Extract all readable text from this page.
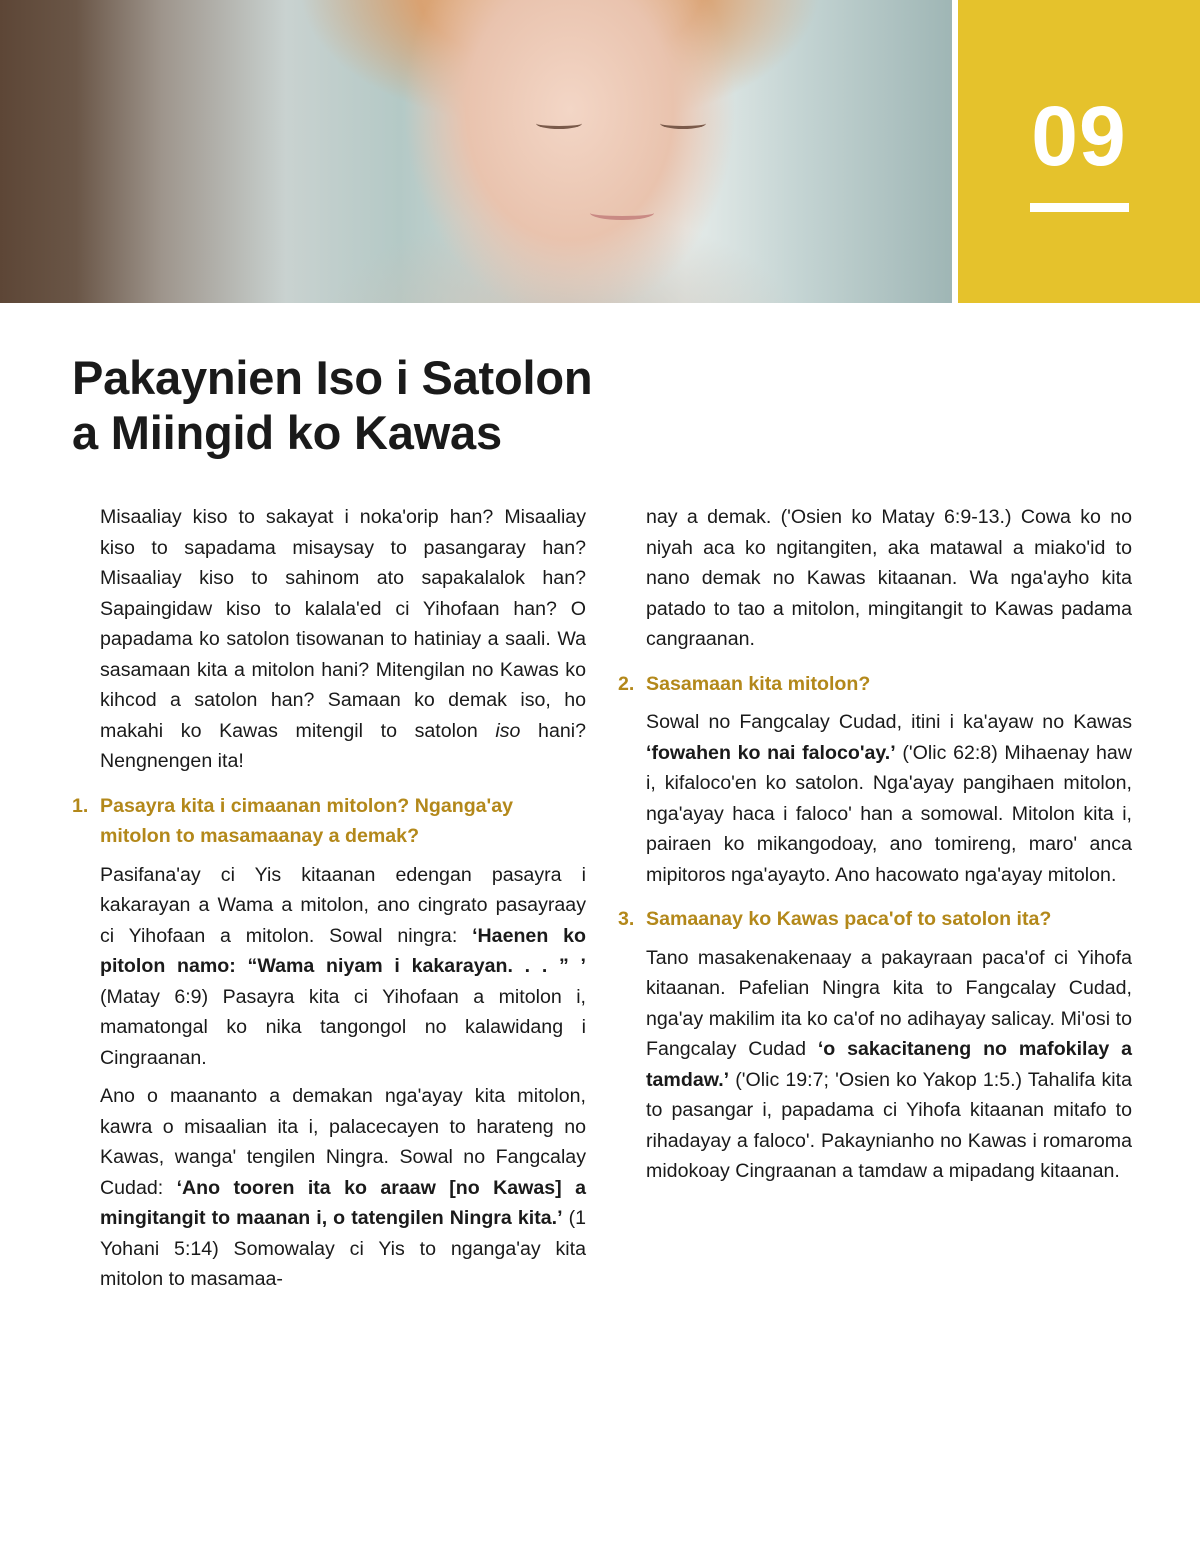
09
Pakaynien Iso i Satolon
a Miingid ko Kawas

Misaaliay kiso to sakayat i noka'orip han? Misaaliay kiso to sapadama misaysay to pasangaray han? Misaaliay kiso to sahinom ato sapakalalok han? Sapaingidaw kiso to kalala'ed ci Yihofaan han? O papadama ko satolon tisowanan to hatiniay a saali. Wa sasamaan kita a mitolon hani? Mitengilan no Kawas ko kihcod a satolon han? Samaan ko demak iso, ho makahi ko Kawas mitengil to satolon iso hani? Nengnengen ita!

1. Pasayra kita i cimaanan mitolon? Nganga'ay
mitolon to masamaanay a demak?

Pasifana'ay ci Yis kitaanan edengan pasayra i kakarayan a Wama a mitolon, ano cingrato pasayraay ci Yihofaan a mitolon. Sowal ningra: ‘Haenen ko pitolon namo: “Wama niyam i kakarayan. . . ” ’ (Matay 6:9) Pasayra kita ci Yihofaan a mitolon i, mamatongal ko nika tangongol no kalawidang i Cingraanan.

Ano o maananto a demakan nga'ayay kita mitolon, kawra o misaalian ita i, palacecayen to harateng no Kawas, wanga' tengilen Ningra. Sowal no Fangcalay Cudad: ‘Ano tooren ita ko araaw [no Kawas] a mingitangit to maanan i, o tatengilen Ningra kita.’ (1 Yohani 5:14) Somowalay ci Yis to nganga'ay kita mitolon to masamaa-

nay a demak. ('Osien ko Matay 6:9-13.) Cowa ko no niyah aca ko ngitangiten, aka matawal a miako'id to nano demak no Kawas kitaanan. Wa nga'ayho kita patado to tao a mitolon, mingitangit to Kawas padama cangraanan.

2. Sasamaan kita mitolon?

Sowal no Fangcalay Cudad, itini i ka'ayaw no Kawas ‘fowahen ko nai faloco'ay.’ ('Olic 62:8) Mihaenay haw i, kifaloco'en ko satolon. Nga'ayay pangihaen mitolon, nga'ayay haca i faloco' han a somowal. Mitolon kita i, pairaen ko mikangodoay, ano tomireng, maro' anca mipitoros nga'ayayto. Ano hacowato nga'ayay mitolon.

3. Samaanay ko Kawas paca'of to satolon ita?

Tano masakenakenaay a pakayraan paca'of ci Yihofa kitaanan. Pafelian Ningra kita to Fangcalay Cudad, nga'ay makilim ita ko ca'of no adihayay salicay. Mi'osi to Fangcalay Cudad ‘o sakacitaneng no mafokilay a tamdaw.’ ('Olic 19:7; 'Osien ko Yakop 1:5.) Tahalifa kita to pasangar i, papadama ci Yihofa kitaanan mitafo to rihadayay a faloco'. Pakaynianho no Kawas i romaroma midokoay Cingraanan a tamdaw a mipadang kitaanan.
